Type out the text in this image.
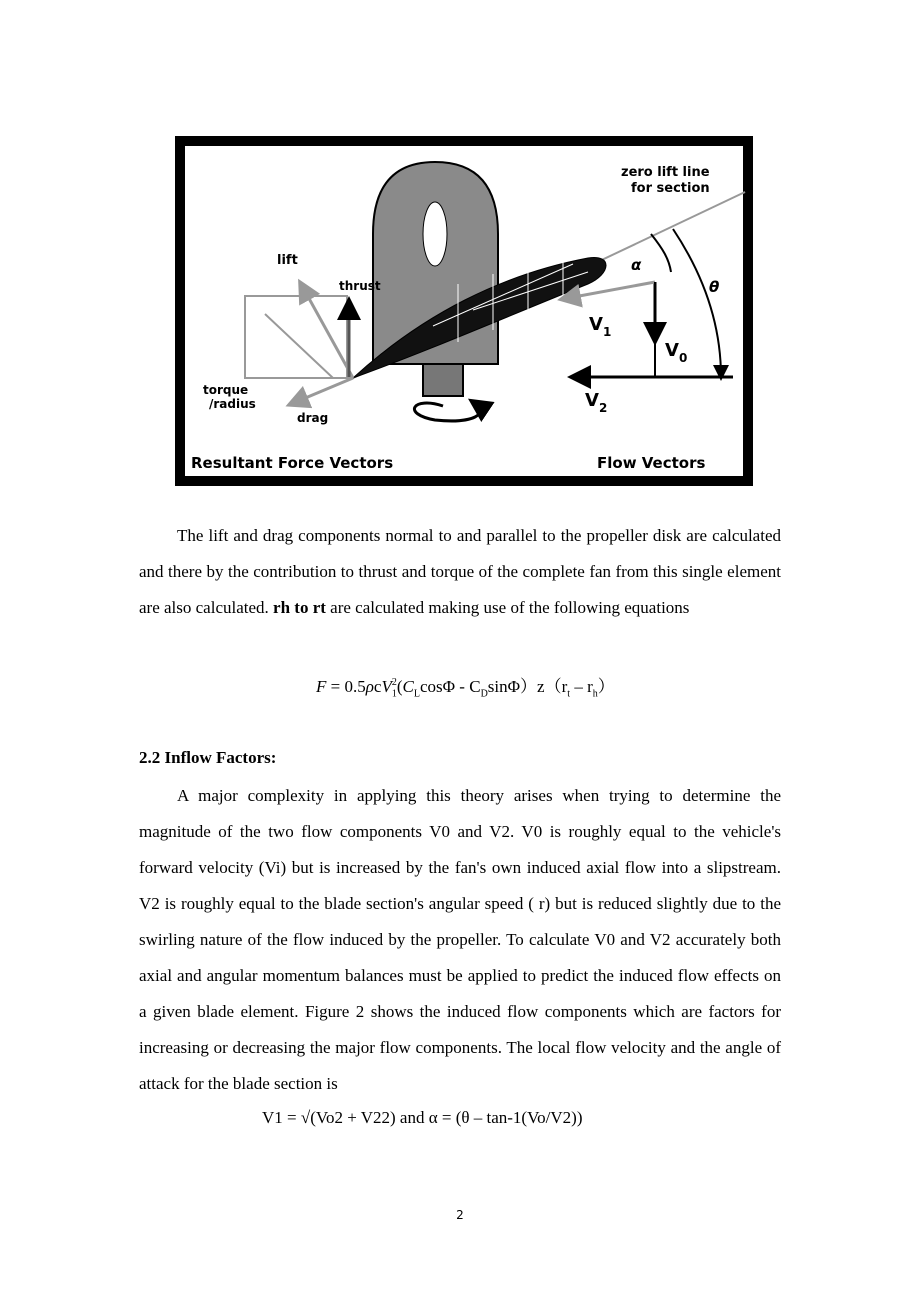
zero lift line
for section
lift
thrust
torque
/radius
drag
α
θ
$V_1$
$V_0$
$V_2$
Resultant Force Vectors	Flow Vectors

The lift and drag components normal to and parallel to the propeller disk are calculated and there by the contribution to thrust and torque of the complete fan from this single element are also calculated. rh to rt are calculated making use of the following equations

$F = 0.5\rho cV_1^2(C_L\cos\Phi - C_D\sin\Phi)z(r_t - r_h)$
2.2 Inflow Factors:

A major complexity in applying this theory arises when trying to determine the magnitude of the two flow components V0 and V2. V0 is roughly equal to the vehicle's forward velocity (Vi) but is increased by the fan's own induced axial flow into a slipstream. V2 is roughly equal to the blade section's angular speed ( r) but is reduced slightly due to the swirling nature of the flow induced by the propeller. To calculate V0 and V2 accurately both axial and angular momentum balances must be applied to predict the induced flow effects on a given blade element. Figure 2 shows the induced flow components which are factors for increasing or decreasing the major flow components. The local flow velocity and the angle of attack for the blade section is

V1 = √(Vo2 + V22) and α = (θ – tan-1(Vo/V2))
2
